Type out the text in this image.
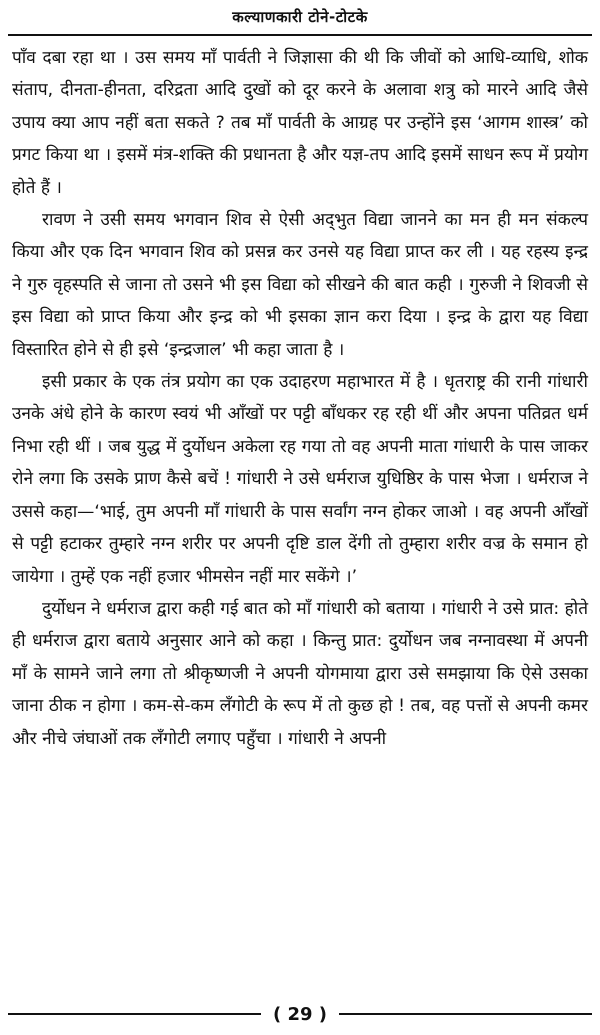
कल्याणकारी टोने-टोटके

पाँव दबा रहा था । उस समय माँ पार्वती ने जिज्ञासा की थी कि जीवों को आधि-व्याधि, शोक संताप, दीनता-हीनता, दरिद्रता आदि दुखों को दूर करने के अलावा शत्रु को मारने आदि जैसे उपाय क्या आप नहीं बता सकते ? तब माँ पार्वती के आग्रह पर उन्होंने इस ‘आगम शास्त्र’ को प्रगट किया था । इसमें मंत्र-शक्ति की प्रधानता है और यज्ञ-तप आदि इसमें साधन रूप में प्रयोग होते हैं ।

रावण ने उसी समय भगवान शिव से ऐसी अद्‌भुत विद्या जानने का मन ही मन संकल्प किया और एक दिन भगवान शिव को प्रसन्न कर उनसे यह विद्या प्राप्त कर ली । यह रहस्य इन्द्र ने गुरु वृहस्पति से जाना तो उसने भी इस विद्या को सीखने की बात कही । गुरुजी ने शिवजी से इस विद्या को प्राप्त किया और इन्द्र को भी इसका ज्ञान करा दिया । इन्द्र के द्वारा यह विद्या विस्तारित होने से ही इसे ‘इन्द्रजाल’ भी कहा जाता है ।

इसी प्रकार के एक तंत्र प्रयोग का एक उदाहरण महाभारत में है । धृतराष्ट्र की रानी गांधारी उनके अंधे होने के कारण स्वयं भी आँखों पर पट्टी बाँधकर रह रही थीं और अपना पतिव्रत धर्म निभा रही थीं । जब युद्ध में दुर्योधन अकेला रह गया तो वह अपनी माता गांधारी के पास जाकर रोने लगा कि उसके प्राण कैसे बचें ! गांधारी ने उसे धर्मराज युधिष्ठिर के पास भेजा । धर्मराज ने उससे कहा—‘भाई, तुम अपनी माँ गांधारी के पास सर्वांग नग्न होकर जाओ । वह अपनी आँखों से पट्टी हटाकर तुम्हारे नग्न शरीर पर अपनी दृष्टि डाल देंगी तो तुम्हारा शरीर वज्र के समान हो जायेगा । तुम्हें एक नहीं हजार भीमसेन नहीं मार सकेंगे ।’

दुर्योधन ने धर्मराज द्वारा कही गई बात को माँ गांधारी को बताया । गांधारी ने उसे प्रात: होते ही धर्मराज द्वारा बताये अनुसार आने को कहा । किन्तु प्रात: दुर्योधन जब नग्नावस्था में अपनी माँ के सामने जाने लगा तो श्रीकृष्णजी ने अपनी योगमाया द्वारा उसे समझाया कि ऐसे उसका जाना ठीक न होगा । कम-से-कम लँगोटी के रूप में तो कुछ हो ! तब, वह पत्तों से अपनी कमर और नीचे जंघाओं तक लँगोटी लगाए पहुँचा । गांधारी ने अपनी

( 29 )
